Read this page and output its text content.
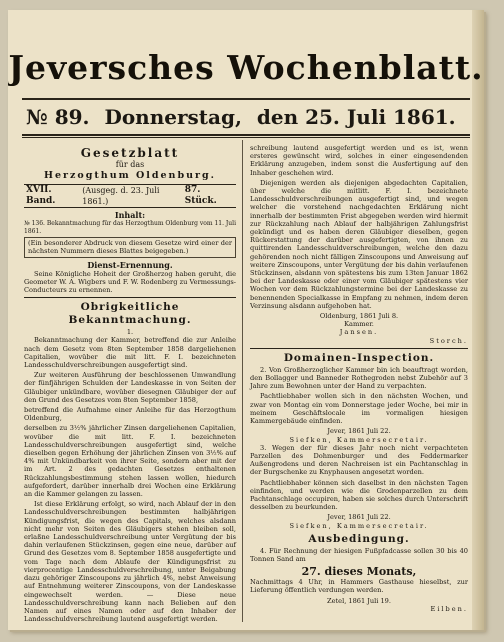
Jeversches Wochenblatt.
№ 89. Donnerstag, den 25. Juli 1861.
Gesetzblatt
für das
Herzogthum Oldenburg.
XVII. Band.
(Ausgeg. d. 23. Juli 1861.)
87. Stück.
Inhalt:
№ 136. Bekanntmachung für das Herzogthum Oldenburg vom 11. Juli 1861.
(Ein besonderer Abdruck von diesem Gesetze wird einer der nächsten Nummern dieses Blattes beigegeben.)
Dienst-Ernennung.
Seine Königliche Hoheit der Großherzog haben geruht, die Geometer W. A. Wigbers und F. W. Rodenberg zu Vermessungs-Conducteurs zu ernennen.
Obrigkeitliche Bekanntmachung.
1.
Bekanntmachung der Kammer, betreffend die zur Anleihe nach dem Gesetz vom 8ten September 1858 dargeliehenen Capitalien, wovüber die mit litt. F. I. bezeichneten Landesschuldverschreibungen ausgefertigt sind.
Zur weiteren Ausführung der beschlossenen Umwandlung der fünfjährigen Schulden der Landeskasse in von Seiten der Gläubiger unkündbare, wovüber diesegnen Gläubiger der auf den Grund des Gesetzes vom 8ten September 1858,
betreffend die Aufnahme einer Anleihe für das Herzogthum Oldenburg,
derselben zu 3½% jährlicher Zinsen dargeliehenen Capitalien, wovüber die mit litt. F. I. bezeichneten Landesschuldverschreibungen ausgefertigt sind, welche dieselben gegen Erhöhung der jährlichen Zinsen von 3½% auf 4% mit Unkündbarkeit von ihrer Seite, sondern aber mit der im Art. 2 des gedachten Gesetzes enthaltenen Rückzahlungsbestimmung stehen lassen wollen, hiedurch aufgefordert, darüber innerhalb drei Wochen eine Erklärung an die Kammer gelangen zu lassen.
Ist diese Erklärung erfolgt, so wird, nach Ablauf der in den Landesschuldverschreibungen bestimmten halbjährigen Kündigungsfrist, die wegen des Capitals, welches alsdann nicht mehr von Seiten des Gläubigers stehen bleiben soll, erlaßne Landesschuldverschreibung unter Vergütung der bis dahin verlaufenen Stückzinsen, gegen eine neue, darüber auf Grund des Gesetzes vom 8. September 1858 ausgefertigte und vom Tage nach dem Ablaufe der Kündigungsfrist zu vierprocentige Landesschuldverschreibung, unter Beigabung dazu gehöriger Zinscoupons zu jährlich 4%, nebst Anweisung auf Entnehmung weiterer Zinscoupons, von der Landeskasse eingewechselt werden. — Diese neue Landesschuldverschreibung kann nach Belieben auf den Namen auf eines Namen oder auf den Inhaber der Landesschuldverschreibung lautend ausgefertigt werden.
schreibung lautend ausgefertigt werden und es ist, wenn ersteres gewünscht wird, solches in einer eingesendenden Erklärung anzugeben, indem sonst die Ausfertigung auf den Inhaber geschehen wird.
Diejenigen werden als diejenigen abgedachten Capitalien, über welche die mitlitt. F. I. bezeichnete Landesschuldverschreibungen ausgefertigt sind, und wegen welcher die vorstehend nachgedachten Erklärung nicht innerhalb der bestimmten Frist abgegeben werden wird hiermit zur Rückzahlung nach Ablauf der halbjährigen Zahlungsfrist gekündigt und es haben deren Gläubiger dieselben, gegen Rückerstattung der darüber ausgefertigten, von ihnen zu quittirenden Landesschuldverschreibungen, welche den dazu gehörenden noch nicht fälligen Zinscoupons und Anweisung auf weitere Zinscoupons, unter Vergütung der bis dahin verlaufenen Stückzinsen, alsdann von spätestens bis zum 13ten Januar 1862 bei der Landeskasse oder einer vom Gläubiger spätestens vier Wochen vor dem Rückzahlungstermine bei der Landeskasse zu benennenden Specialkasse in Empfang zu nehmen, indem deren Verzinsung alsdann aufgehoben hat.
Oldenburg, 1861 Juli 8.
Kammer.
Jansen.
Storch.
Domainen-Inspection.
2. Von Großherzoglicher Kammer bin ich beauftragt worden, den Bollagger und Banneder Rothegroden nebst Zubehör auf 3 Jahre zum Bewohnen unter der Hand zu verpachten.
Pachtliebhaber wollen sich in den nächsten Wochen, und zwar von Montag ein vom Donnerstage jeder Woche, bei mir in meinem Geschäftslocale im vormaligen hiesigen Kammergebäude einfinden.
Jever, 1861 Juli 22.
Siefken, Kammersecretair.
3. Wegen der für dieses Jahr noch nicht verpachteten Parzellen des Dohmenburger und des Feddermarker Außengrodens und deren Nachreisen ist ein Pachtanschlag in der Burgschenke zu Knyphausen angesetzt worden.
Pachtliebhaber können sich daselbst in den nächsten Tagen einfinden, und werden wie die Grodenparzellen zu dem Pachtanschlage occupiren, haben sie solches durch Unterschrift desselben zu beurkunden.
Jever, 1861 Juli 22.
Siefken, Kammersecretair.
Ausbedingung.
4. Für Rechnung der hiesigen Fußpfadcasse sollen 30 bis 40 Tonnen Sand am
27. dieses Monats,
Nachmittags 4 Uhr, in Hammers Gasthause hieselbst, zur Lieferung öffentlich verdungen werden.
Zetel, 1861 Juli 19.
Eilben.
